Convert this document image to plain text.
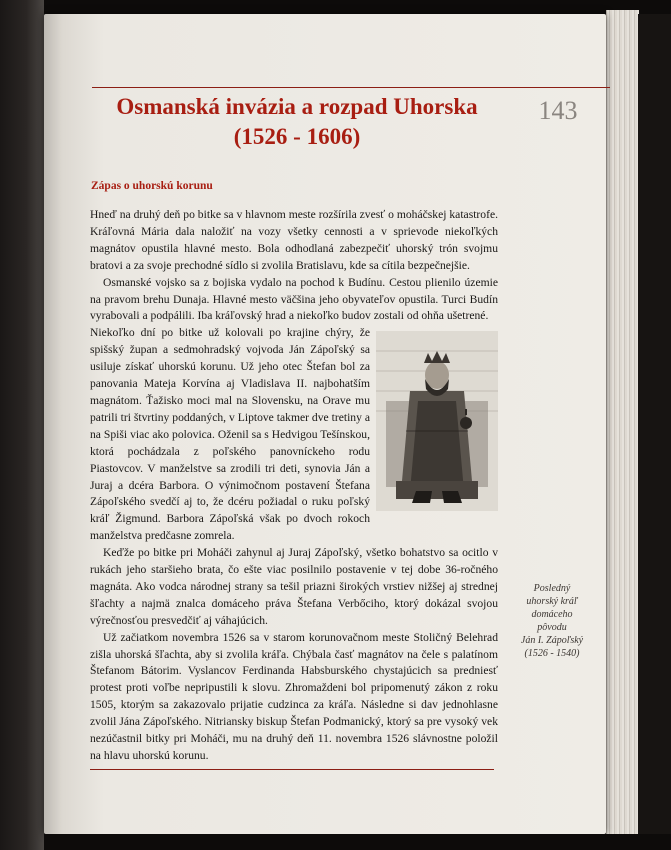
Osmanská invázia a rozpad Uhorska
(1526 - 1606)
143
Zápas o uhorskú korunu

Hneď na druhý deň po bitke sa v hlavnom meste rozšírila zvesť o moháčskej katastrofe. Kráľovná Mária dala naložiť na vozy všetky cennosti a v sprievode niekoľkých magnátov opustila hlavné mesto. Bola odhodlaná zabezpečiť uhorský trón svojmu bratovi a za svoje prechodné sídlo si zvolila Bratislavu, kde sa cítila bezpečnejšie.

Osmanské vojsko sa z bojiska vydalo na pochod k Budínu. Cestou plienilo územie na pravom brehu Dunaja. Hlavné mesto väčšina jeho obyvateľov opustila. Turci Budín vyrabovali a podpálili. Iba kráľovský hrad a niekoľko budov zostali od ohňa ušetrené.

Niekoľko dní po bitke už kolovali po krajine chýry, že spišský župan a sedmohradský vojvoda Ján Zápoľský sa usiluje získať uhorskú korunu. Už jeho otec Štefan bol za panovania Mateja Korvína aj Vladislava II. najbohatším magnátom. Ťažisko moci mal na Slovensku, na Orave mu patrili tri štvrtiny poddaných, v Liptove takmer dve tretiny a na Spiši viac ako polovica. Oženil sa s Hedvigou Tešínskou, ktorá pochádzala z poľského panovníckeho rodu Piastovcov. V manželstve sa zrodili tri deti, synovia Ján a Juraj a dcéra Barbora. O výnimočnom postavení Štefana Zápoľského svedčí aj to, že dcéru požiadal o ruku poľský kráľ Žigmund. Barbora Zápoľská však po dvoch rokoch manželstva predčasne zomrela.

Keďže po bitke pri Moháči zahynul aj Juraj Zápoľský, všetko bohatstvo sa ocitlo v rukách jeho staršieho brata, čo ešte viac posilnilo postavenie v tej dobe 36-ročného magnáta. Ako vodca národnej strany sa tešil priazni širokých vrstiev nižšej aj strednej šľachty a najmä znalca domáceho práva Štefana Verbőciho, ktorý dokázal svojou výrečnosťou presvedčiť aj váhajúcich.

Už začiatkom novembra 1526 sa v starom korunovačnom meste Stoličný Belehrad zišla uhorská šľachta, aby si zvolila kráľa. Chýbala časť magnátov na čele s palatínom Štefanom Bátorim. Vyslancov Ferdinanda Habsburského chystajúcich sa predniesť protest proti voľbe nepripustili k slovu. Zhromaždeni bol pripomenutý zákon z roku 1505, ktorým sa zakazovalo prijatie cudzinca za kráľa. Následne si dav jednohlasne zvolil Jána Zápoľského. Nitriansky biskup Štefan Podmanický, ktorý sa pre vysoký vek nezúčastnil bitky pri Moháči, mu na druhý deň 11. novembra 1526 slávnostne položil na hlavu uhorskú korunu.

Posledný
uhorský kráľ
domáceho
pôvodu
Ján I. Zápoľský
(1526 - 1540)
